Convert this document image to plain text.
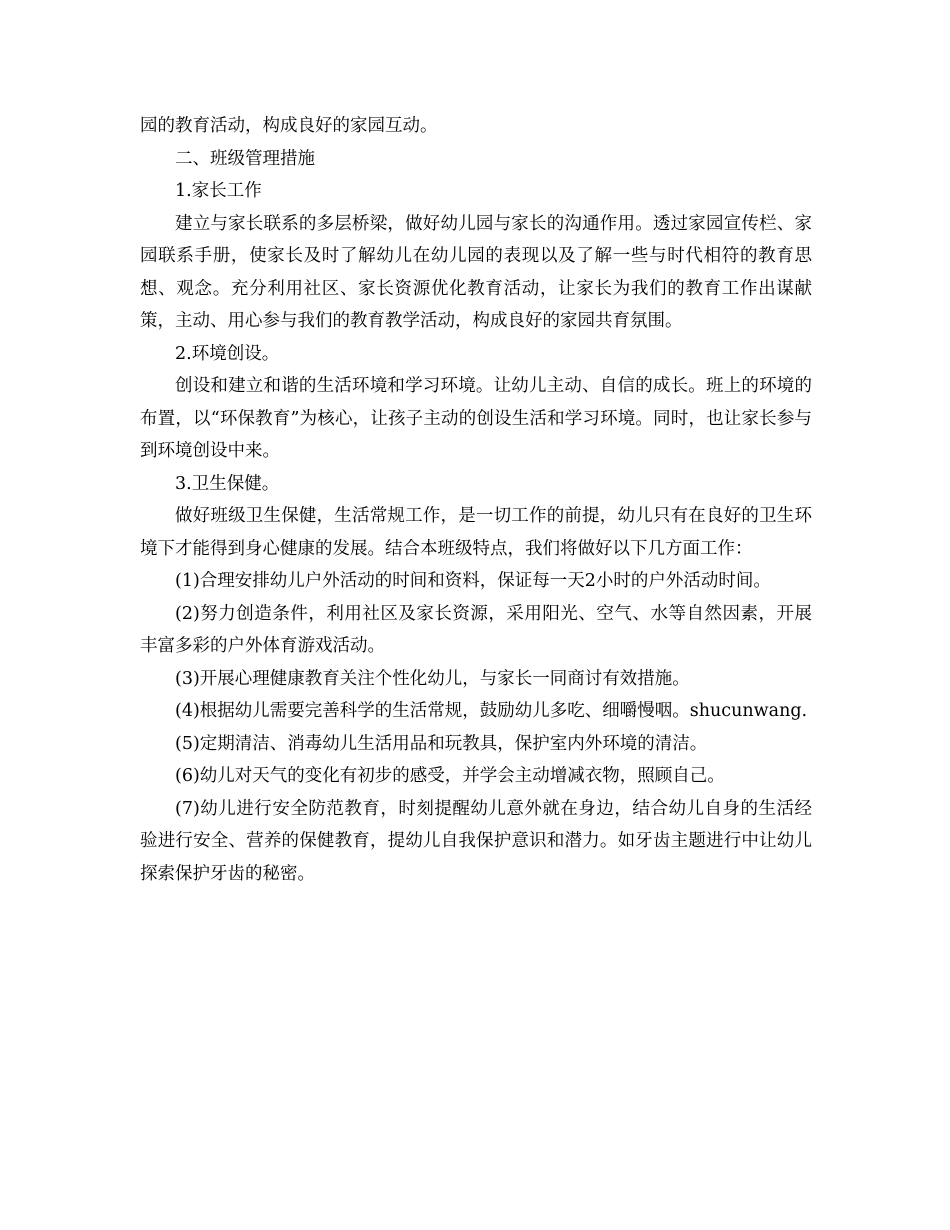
园的教育活动，构成良好的家园互动。

二、班级管理措施

1.家长工作

建立与家长联系的多层桥梁，做好幼儿园与家长的沟通作用。透过家园宣传栏、家园联系手册，使家长及时了解幼儿在幼儿园的表现以及了解一些与时代相符的教育思想、观念。充分利用社区、家长资源优化教育活动，让家长为我们的教育工作出谋献策，主动、用心参与我们的教育教学活动，构成良好的家园共育氛围。

2.环境创设。

创设和建立和谐的生活环境和学习环境。让幼儿主动、自信的成长。班上的环境的布置，以“环保教育”为核心，让孩子主动的创设生活和学习环境。同时，也让家长参与到环境创设中来。

3.卫生保健。

做好班级卫生保健，生活常规工作，是一切工作的前提，幼儿只有在良好的卫生环境下才能得到身心健康的发展。结合本班级特点，我们将做好以下几方面工作：

(1)合理安排幼儿户外活动的时间和资料，保证每一天2小时的户外活动时间。

(2)努力创造条件，利用社区及家长资源，采用阳光、空气、水等自然因素，开展丰富多彩的户外体育游戏活动。

(3)开展心理健康教育关注个性化幼儿，与家长一同商讨有效措施。

(4)根据幼儿需要完善科学的生活常规，鼓励幼儿多吃、细嚼慢咽。shucunwang.

(5)定期清洁、消毒幼儿生活用品和玩教具，保护室内外环境的清洁。

(6)幼儿对天气的变化有初步的感受，并学会主动增减衣物，照顾自己。

(7)幼儿进行安全防范教育，时刻提醒幼儿意外就在身边，结合幼儿自身的生活经验进行安全、营养的保健教育，提幼儿自我保护意识和潜力。如牙齿主题进行中让幼儿探索保护牙齿的秘密。
